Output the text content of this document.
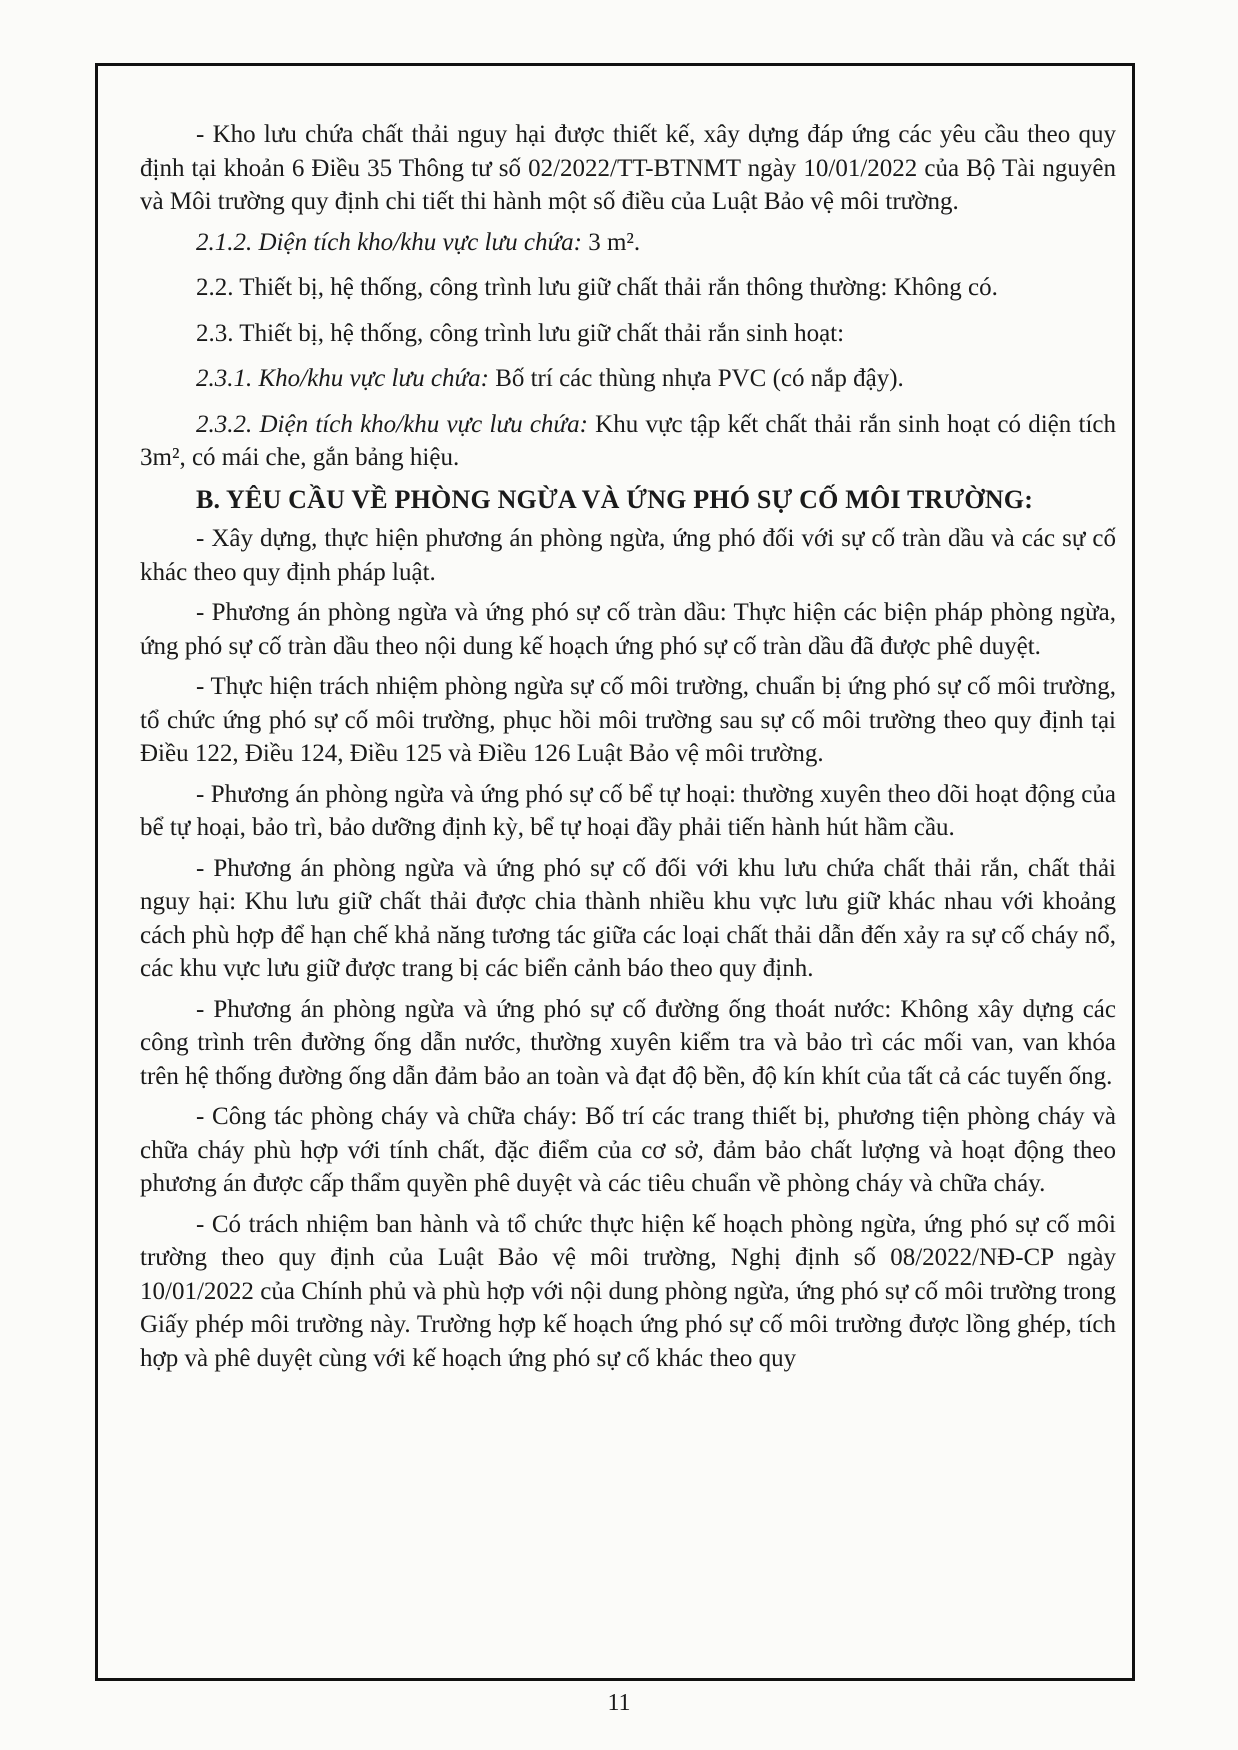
- Kho lưu chứa chất thải nguy hại được thiết kế, xây dựng đáp ứng các yêu cầu theo quy định tại khoản 6 Điều 35 Thông tư số 02/2022/TT-BTNMT ngày 10/01/2022 của Bộ Tài nguyên và Môi trường quy định chi tiết thi hành một số điều của Luật Bảo vệ môi trường.

2.1.2. Diện tích kho/khu vực lưu chứa: 3 m².

2.2. Thiết bị, hệ thống, công trình lưu giữ chất thải rắn thông thường: Không có.

2.3. Thiết bị, hệ thống, công trình lưu giữ chất thải rắn sinh hoạt:

2.3.1. Kho/khu vực lưu chứa: Bố trí các thùng nhựa PVC (có nắp đậy).

2.3.2. Diện tích kho/khu vực lưu chứa: Khu vực tập kết chất thải rắn sinh hoạt có diện tích 3m², có mái che, gắn bảng hiệu.

B. YÊU CẦU VỀ PHÒNG NGỪA VÀ ỨNG PHÓ SỰ CỐ MÔI TRƯỜNG:

- Xây dựng, thực hiện phương án phòng ngừa, ứng phó đối với sự cố tràn dầu và các sự cố khác theo quy định pháp luật.

- Phương án phòng ngừa và ứng phó sự cố tràn dầu: Thực hiện các biện pháp phòng ngừa, ứng phó sự cố tràn dầu theo nội dung kế hoạch ứng phó sự cố tràn dầu đã được phê duyệt.

- Thực hiện trách nhiệm phòng ngừa sự cố môi trường, chuẩn bị ứng phó sự cố môi trường, tổ chức ứng phó sự cố môi trường, phục hồi môi trường sau sự cố môi trường theo quy định tại Điều 122, Điều 124, Điều 125 và Điều 126 Luật Bảo vệ môi trường.

- Phương án phòng ngừa và ứng phó sự cố bể tự hoại: thường xuyên theo dõi hoạt động của bể tự hoại, bảo trì, bảo dưỡng định kỳ, bể tự hoại đầy phải tiến hành hút hầm cầu.

- Phương án phòng ngừa và ứng phó sự cố đối với khu lưu chứa chất thải rắn, chất thải nguy hại: Khu lưu giữ chất thải được chia thành nhiều khu vực lưu giữ khác nhau với khoảng cách phù hợp để hạn chế khả năng tương tác giữa các loại chất thải dẫn đến xảy ra sự cố cháy nổ, các khu vực lưu giữ được trang bị các biển cảnh báo theo quy định.

- Phương án phòng ngừa và ứng phó sự cố đường ống thoát nước: Không xây dựng các công trình trên đường ống dẫn nước, thường xuyên kiểm tra và bảo trì các mối van, van khóa trên hệ thống đường ống dẫn đảm bảo an toàn và đạt độ bền, độ kín khít của tất cả các tuyến ống.

- Công tác phòng cháy và chữa cháy: Bố trí các trang thiết bị, phương tiện phòng cháy và chữa cháy phù hợp với tính chất, đặc điểm của cơ sở, đảm bảo chất lượng và hoạt động theo phương án được cấp thẩm quyền phê duyệt và các tiêu chuẩn về phòng cháy và chữa cháy.

- Có trách nhiệm ban hành và tổ chức thực hiện kế hoạch phòng ngừa, ứng phó sự cố môi trường theo quy định của Luật Bảo vệ môi trường, Nghị định số 08/2022/NĐ-CP ngày 10/01/2022 của Chính phủ và phù hợp với nội dung phòng ngừa, ứng phó sự cố môi trường trong Giấy phép môi trường này. Trường hợp kế hoạch ứng phó sự cố môi trường được lồng ghép, tích hợp và phê duyệt cùng với kế hoạch ứng phó sự cố khác theo quy

11
